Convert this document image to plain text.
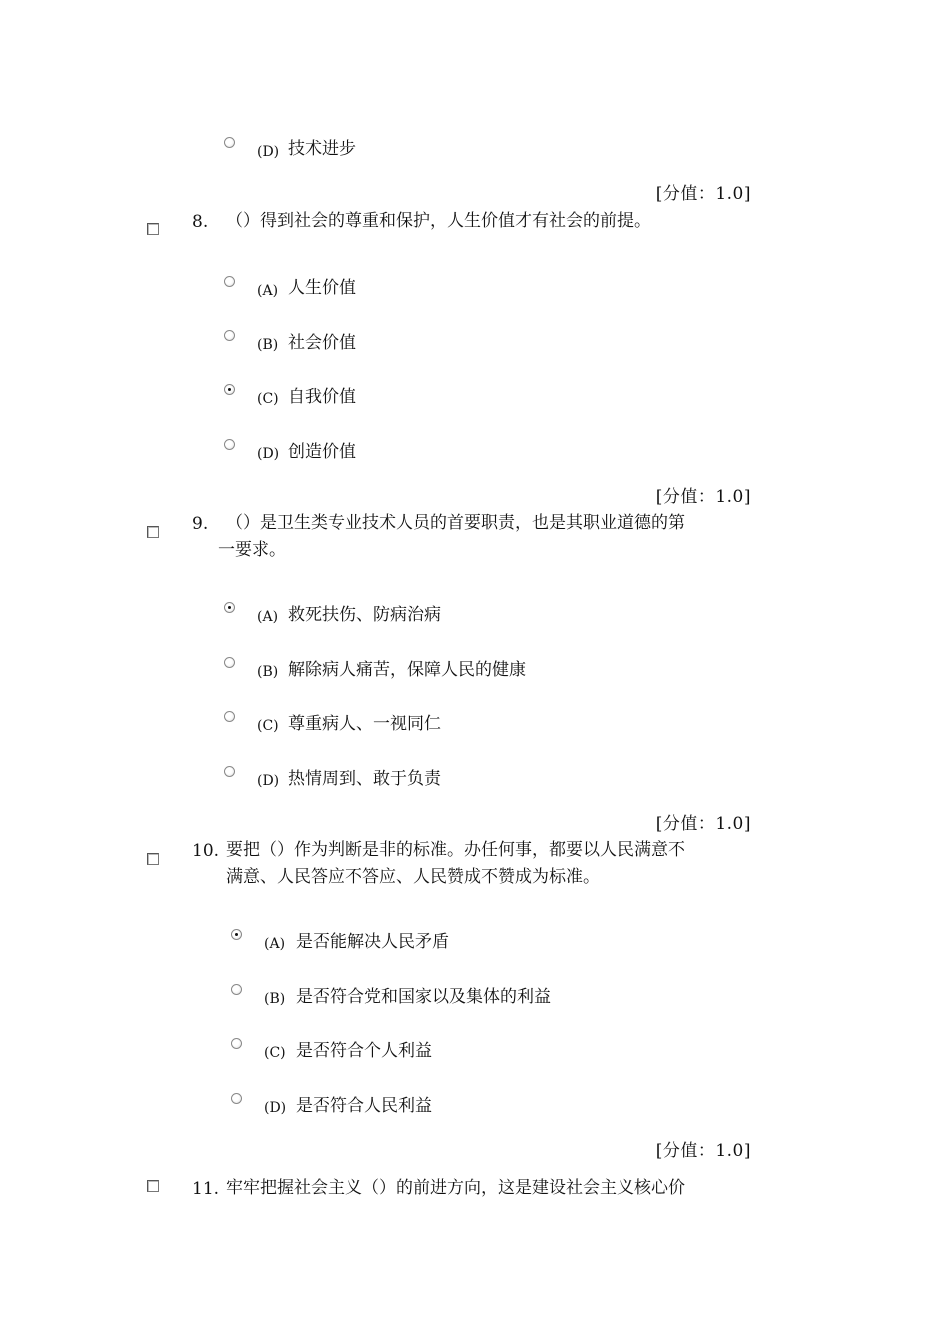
(D) 技术进步
[分值：1.0]
8. （）得到社会的尊重和保护，人生价值才有社会的前提。
(A) 人生价值
(B) 社会价值
(C) 自我价值
(D) 创造价值
[分值：1.0]
9. （）是卫生类专业技术人员的首要职责，也是其职业道德的第
一要求。
(A) 救死扶伤、防病治病
(B) 解除病人痛苦，保障人民的健康
(C) 尊重病人、一视同仁
(D) 热情周到、敢于负责
[分值：1.0]
10. 要把（）作为判断是非的标准。办任何事，都要以人民满意不
满意、人民答应不答应、人民赞成不赞成为标准。
(A) 是否能解决人民矛盾
(B) 是否符合党和国家以及集体的利益
(C) 是否符合个人利益
(D) 是否符合人民利益
[分值：1.0]
11. 牢牢把握社会主义（）的前进方向，这是建设社会主义核心价
